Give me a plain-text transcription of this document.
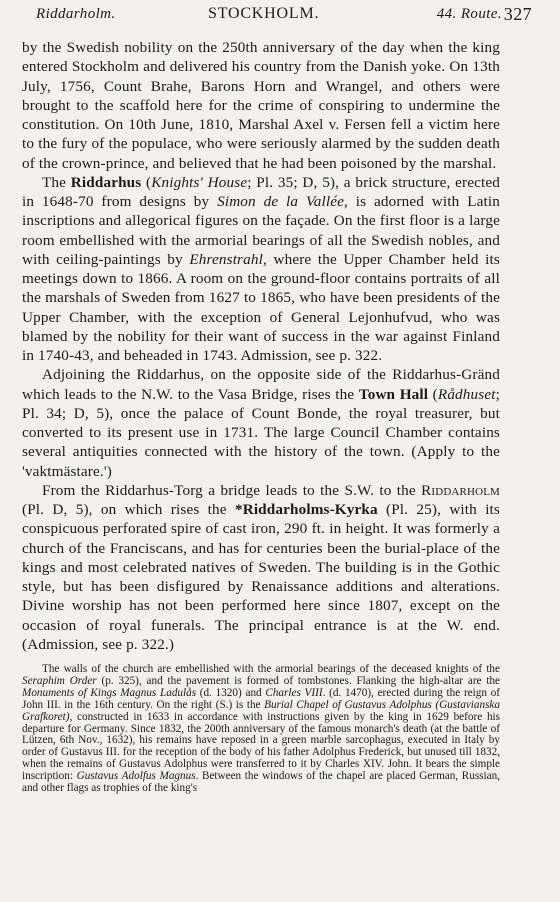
Riddarholm.	STOCKHOLM.	44. Route. 327

by the Swedish nobility on the 250th anniversary of the day when the king entered Stockholm and delivered his country from the Danish yoke. On 13th July, 1756, Count Brahe, Barons Horn and Wrangel, and others were brought to the scaffold here for the crime of conspiring to undermine the constitution. On 10th June, 1810, Marshal Axel v. Fersen fell a victim here to the fury of the populace, who were seriously alarmed by the sudden death of the crown-prince, and believed that he had been poisoned by the marshal.

The Riddarhus (Knights' House; Pl. 35; D, 5), a brick structure, erected in 1648-70 from designs by Simon de la Vallée, is adorned with Latin inscriptions and allegorical figures on the façade. On the first floor is a large room embellished with the armorial bearings of all the Swedish nobles, and with ceiling-paintings by Ehrenstrahl, where the Upper Chamber held its meetings down to 1866. A room on the ground-floor contains portraits of all the marshals of Sweden from 1627 to 1865, who have been presidents of the Upper Chamber, with the exception of General Lejonhufvud, who was blamed by the nobility for their want of success in the war against Finland in 1740-43, and beheaded in 1743. Admission, see p. 322.

Adjoining the Riddarhus, on the opposite side of the Riddarhus-Gränd which leads to the N.W. to the Vasa Bridge, rises the Town Hall (Rådhuset; Pl. 34; D, 5), once the palace of Count Bonde, the royal treasurer, but converted to its present use in 1731. The large Council Chamber contains several antiquities connected with the history of the town. (Apply to the 'vaktmästare.')

From the Riddarhus-Torg a bridge leads to the S.W. to the Riddarholm (Pl. D, 5), on which rises the *Riddarholms-Kyrka (Pl. 25), with its conspicuous perforated spire of cast iron, 290 ft. in height. It was formerly a church of the Franciscans, and has for centuries been the burial-place of the kings and most celebrated natives of Sweden. The building is in the Gothic style, but has been disfigured by Renaissance additions and alterations. Divine worship has not been performed here since 1807, except on the occasion of royal funerals. The principal entrance is at the W. end. (Admission, see p. 322.)

The walls of the church are embellished with the armorial bearings of the deceased knights of the Seraphim Order (p. 325), and the pavement is formed of tombstones. Flanking the high-altar are the Monuments of Kings Magnus Ladulås (d. 1320) and Charles VIII. (d. 1470), erected during the reign of John III. in the 16th century. On the right (S.) is the Burial Chapel of Gustavus Adolphus (Gustavianska Grafkoret), constructed in 1633 in accordance with instructions given by the king in 1629 before his departure for Germany. Since 1832, the 200th anniversary of the famous monarch's death (at the battle of Lützen, 6th Nov., 1632), his remains have reposed in a green marble sarcophagus, executed in Italy by order of Gustavus III. for the reception of the body of his father Adolphus Frederick, but unused till 1832, when the remains of Gustavus Adolphus were transferred to it by Charles XIV. John. It bears the simple inscription: Gustavus Adolfus Magnus. Between the windows of the chapel are placed German, Russian, and other flags as trophies of the king's
